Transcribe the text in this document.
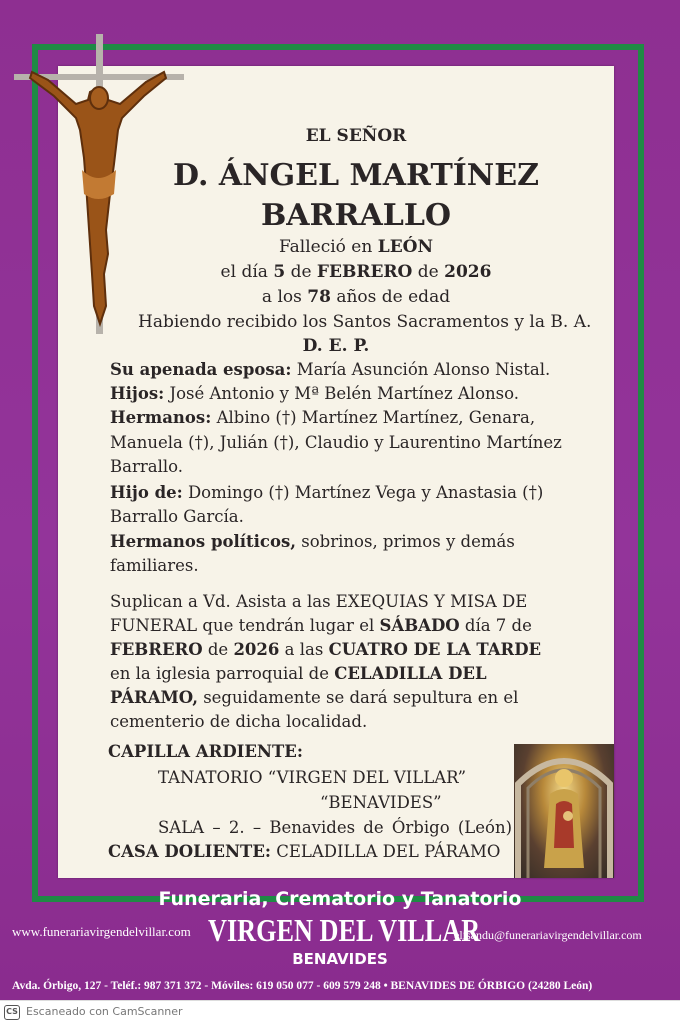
EL SEÑOR
D. ÁNGEL MARTÍNEZ
BARRALLO
Falleció en LEÓN
el día 5 de FEBRERO de 2026
a los 78 años de edad
Habiendo recibido los Santos Sacramentos y la B. A.
D. E. P.
Su apenada esposa: María Asunción Alonso Nistal.
Hijos: José Antonio y Mª Belén Martínez Alonso.
Hermanos: Albino (†) Martínez Martínez, Genara,
Manuela (†), Julián (†), Claudio y Laurentino Martínez
Barrallo.
Hijo de: Domingo (†) Martínez Vega y Anastasia (†)
Barrallo García.
Hermanos políticos, sobrinos, primos y demás
familiares.
Suplican a Vd. Asista a las EXEQUIAS Y MISA DE
FUNERAL que tendrán lugar el SÁBADO día 7 de
FEBRERO de 2026 a las CUATRO DE LA TARDE
en la iglesia parroquial de CELADILLA DEL
PÁRAMO, seguidamente se dará sepultura en el
cementerio de dicha localidad.
CAPILLA ARDIENTE:
TANATORIO “VIRGEN DEL VILLAR”
“BENAVIDES”
SALA – 2. – Benavides de Órbigo (León)
CASA DOLIENTE: CELADILLA DEL PÁRAMO
Funeraria, Crematorio y Tanatorio
www.funerariavirgendelvillar.com VIRGEN DEL VILLAR
elisandu@funerariavirgendelvillar.com
BENAVIDES
Avda. Órbigo, 127 - Teléf.: 987 371 372 - Móviles: 619 050 077 - 609 579 248 • BENAVIDES DE ÓRBIGO (24280 León)
CS Escaneado con CamScanner
